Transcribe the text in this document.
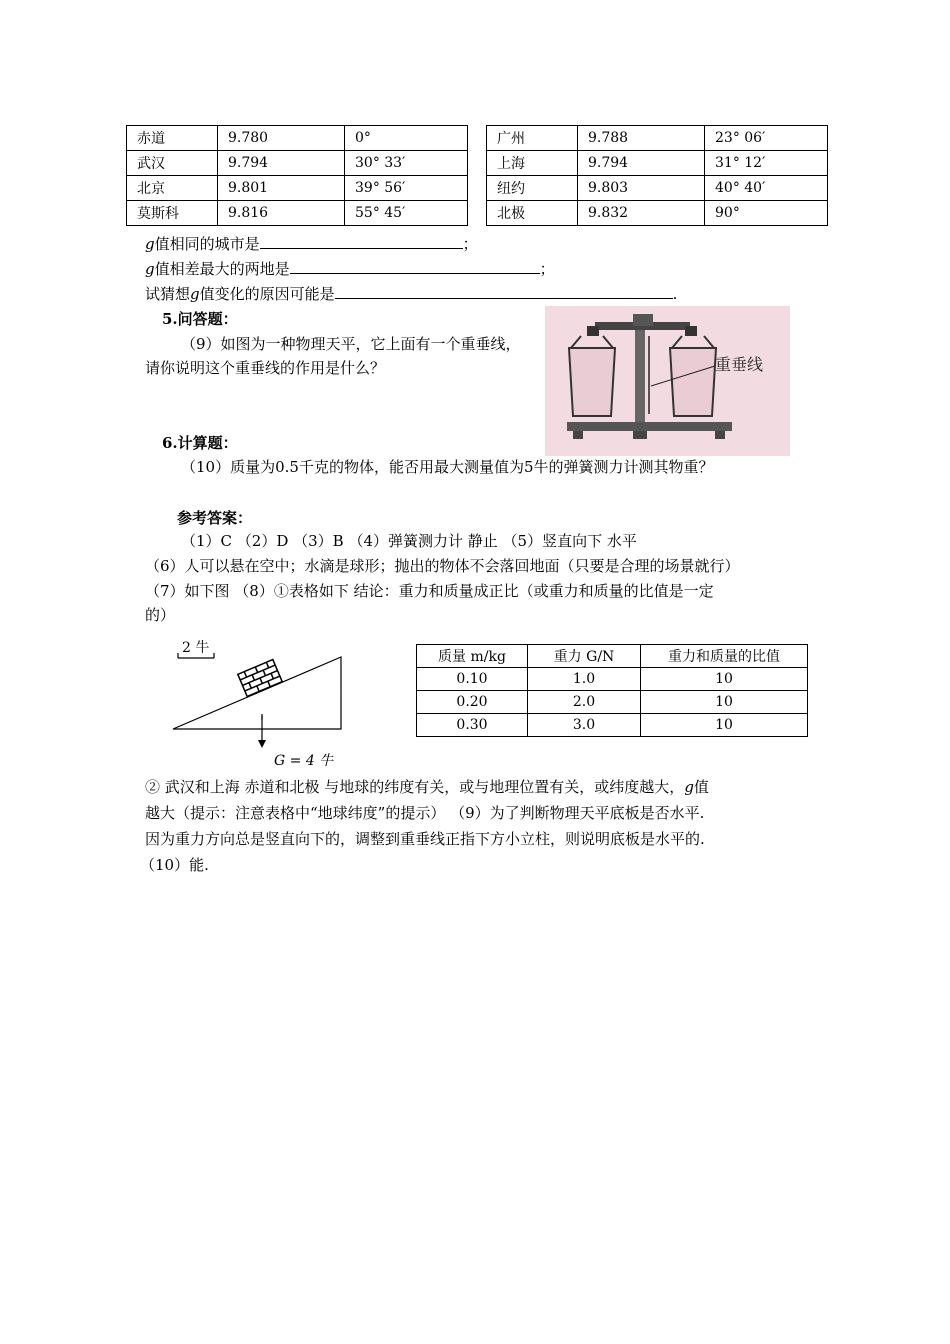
赤道	9.780	0°		广州	9.788	23° 06′
武汉	9.794	30° 33′		上海	9.794	31° 12′
北京	9.801	39° 56′		纽约	9.803	40° 40′
莫斯科	9.816	55° 45′		北极	9.832	90°
g值相同的城市是	；
g值相差最大的两地是	；
试猜想g值变化的原因可能是	.
5.问答题：
（9）如图为一种物理天平，它上面有一个重垂线，
请你说明这个重垂线的作用是什么？	重垂线
6.计算题：
（10）质量为0.5千克的物体，能否用最大测量值为5牛的弹簧测力计测其物重？
参考答案：
（1）C （2）D （3）B （4）弹簧测力计 静止 （5）竖直向下 水平
（6）人可以悬在空中；水滴是球形；抛出的物体不会落回地面（只要是合理的场景就行）
（7）如下图 （8）①表格如下 结论：重力和质量成正比（或重力和质量的比值是一定
的）
2 牛
G = 4 牛
质量 m/kg	重力 G/N	重力和质量的比值
0.10	1.0	10
0.20	2.0	10
0.30	3.0	10
② 武汉和上海 赤道和北极 与地球的纬度有关，或与地理位置有关，或纬度越大，g值
越大（提示：注意表格中“地球纬度”的提示） （9）为了判断物理天平底板是否水平.
因为重力方向总是竖直向下的，调整到重垂线正指下方小立柱，则说明底板是水平的.
（10）能.
